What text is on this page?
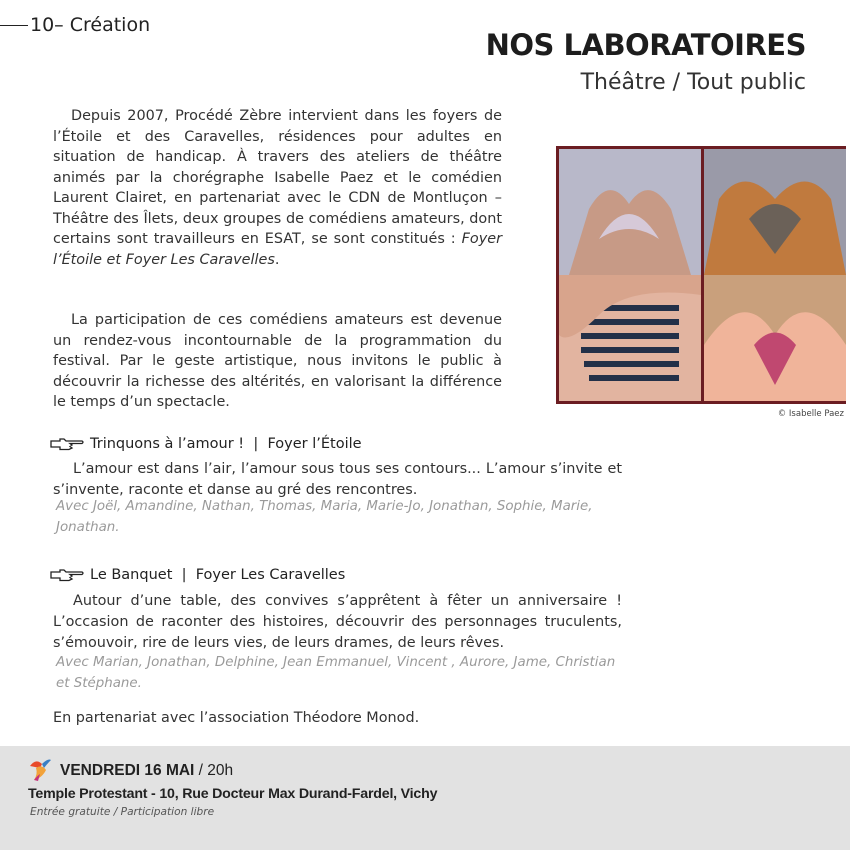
10– Création
NOS LABORATOIRES
Théâtre / Tout public
Depuis 2007, Procédé Zèbre intervient dans les foyers de l’Étoile et des Caravelles, résidences pour adultes en situation de handicap. À travers des ateliers de théâtre animés par la chorégraphe Isabelle Paez et le comédien Laurent Clairet, en partenariat avec le CDN de Montluçon – Théâtre des Îlets, deux groupes de comédiens amateurs, dont certains sont travailleurs en ESAT, se sont constitués : Foyer l’Étoile et Foyer Les Caravelles.
La participation de ces comédiens amateurs est devenue un rendez-vous incontournable de la programmation du festival. Par le geste artistique, nous invitons le public à découvrir la richesse des altérités, en valorisant la différence le temps d’un spectacle.
© Isabelle Paez
Trinquons à l’amour ! | Foyer l’Étoile
L’amour est dans l’air, l’amour sous tous ses contours... L’amour s’invite et s’invente, raconte et danse au gré des rencontres.
Avec Joël, Amandine, Nathan, Thomas, Maria, Marie-Jo, Jonathan, Sophie, Marie, Jonathan.
Le Banquet | Foyer Les Caravelles
Autour d’une table, des convives s’apprêtent à fêter un anniversaire ! L’occasion de raconter des histoires, découvrir des personnages truculents, s’émouvoir, rire de leurs vies, de leurs drames, de leurs rêves.
Avec Marian, Jonathan, Delphine, Jean Emmanuel, Vincent , Aurore, Jame, Christian et Stéphane.
En partenariat avec l’association Théodore Monod.
VENDREDI 16 MAI / 20h
Temple Protestant - 10, Rue Docteur Max Durand-Fardel, Vichy
Entrée gratuite / Participation libre
